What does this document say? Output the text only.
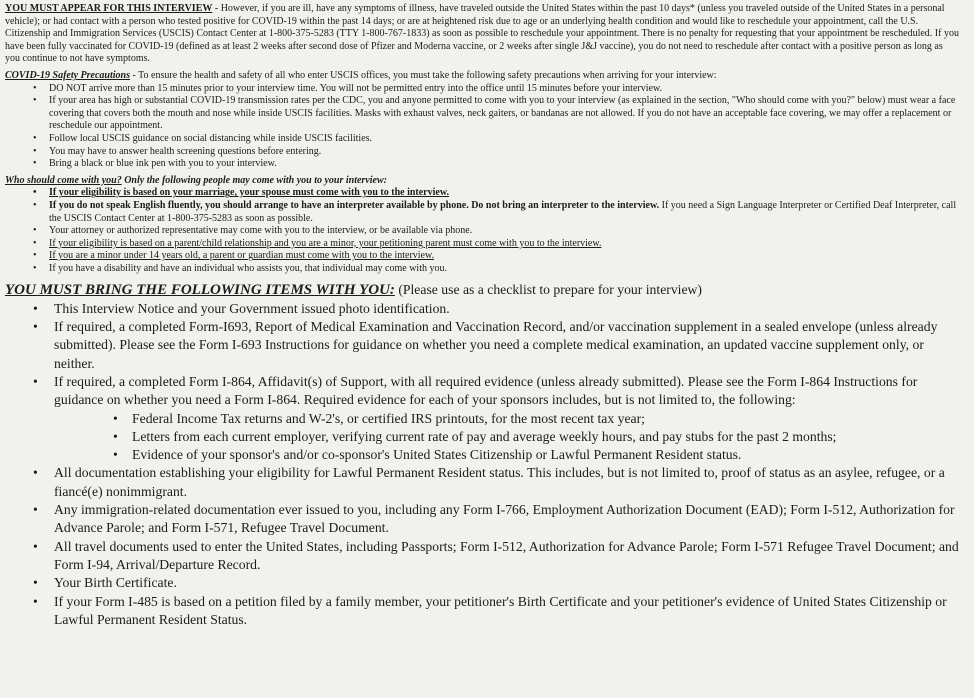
YOU MUST APPEAR FOR THIS INTERVIEW - However, if you are ill, have any symptoms of illness, have traveled outside the United States within the past 10 days* (unless you traveled outside of the United States in a personal vehicle); or had contact with a person who tested positive for COVID-19 within the past 14 days; or are at heightened risk due to age or an underlying health condition and would like to reschedule your appointment, call the U.S. Citizenship and Immigration Services (USCIS) Contact Center at 1-800-375-5283 (TTY 1-800-767-1833) as soon as possible to reschedule your appointment. There is no penalty for requesting that your appointment be rescheduled. If you have been fully vaccinated for COVID-19 (defined as at least 2 weeks after second dose of Pfizer and Moderna vaccine, or 2 weeks after single J&J vaccine), you do not need to reschedule after contact with a positive person as long as you continue to not have symptoms.

COVID-19 Safety Precautions - To ensure the health and safety of all who enter USCIS offices, you must take the following safety precautions when arriving for your interview:

• DO NOT arrive more than 15 minutes prior to your interview time. You will not be permitted entry into the office until 15 minutes before your interview.
• If your area has high or substantial COVID-19 transmission rates per the CDC, you and anyone permitted to come with you to your interview (as explained in the section, "Who should come with you?" below) must wear a face covering that covers both the mouth and nose while inside USCIS facilities. Masks with exhaust valves, neck gaiters, or bandanas are not allowed. If you do not have an acceptable face covering, we may offer a replacement or reschedule our appointment.
• Follow local USCIS guidance on social distancing while inside USCIS facilities.
• You may have to answer health screening questions before entering.
• Bring a black or blue ink pen with you to your interview.

Who should come with you? Only the following people may come with you to your interview:

• If your eligibility is based on your marriage, your spouse must come with you to the interview.
• If you do not speak English fluently, you should arrange to have an interpreter available by phone. Do not bring an interpreter to the interview. If you need a Sign Language Interpreter or Certified Deaf Interpreter, call the USCIS Contact Center at 1-800-375-5283 as soon as possible.
• Your attorney or authorized representative may come with you to the interview, or be available via phone.
• If your eligibility is based on a parent/child relationship and you are a minor, your petitioning parent must come with you to the interview.
• If you are a minor under 14 years old, a parent or guardian must come with you to the interview.
• If you have a disability and have an individual who assists you, that individual may come with you.

YOU MUST BRING THE FOLLOWING ITEMS WITH YOU: (Please use as a checklist to prepare for your interview)

• This Interview Notice and your Government issued photo identification.
• If required, a completed Form-I693, Report of Medical Examination and Vaccination Record, and/or vaccination supplement in a sealed envelope (unless already submitted). Please see the Form I-693 Instructions for guidance on whether you need a complete medical examination, an updated vaccine supplement only, or neither.
• If required, a completed Form I-864, Affidavit(s) of Support, with all required evidence (unless already submitted). Please see the Form I-864 Instructions for guidance on whether you need a Form I-864. Required evidence for each of your sponsors includes, but is not limited to, the following:
• Federal Income Tax returns and W-2's, or certified IRS printouts, for the most recent tax year;
• Letters from each current employer, verifying current rate of pay and average weekly hours, and pay stubs for the past 2 months;
• Evidence of your sponsor's and/or co-sponsor's United States Citizenship or Lawful Permanent Resident status.
• All documentation establishing your eligibility for Lawful Permanent Resident status. This includes, but is not limited to, proof of status as an asylee, refugee, or a fiancé(e) nonimmigrant.
• Any immigration-related documentation ever issued to you, including any Form I-766, Employment Authorization Document (EAD); Form I-512, Authorization for Advance Parole; and Form I-571, Refugee Travel Document.
• All travel documents used to enter the United States, including Passports; Form I-512, Authorization for Advance Parole; Form I-571 Refugee Travel Document; and Form I-94, Arrival/Departure Record.
• Your Birth Certificate.
• If your Form I-485 is based on a petition filed by a family member, your petitioner's Birth Certificate and your petitioner's evidence of United States Citizenship or Lawful Permanent Resident Status.
